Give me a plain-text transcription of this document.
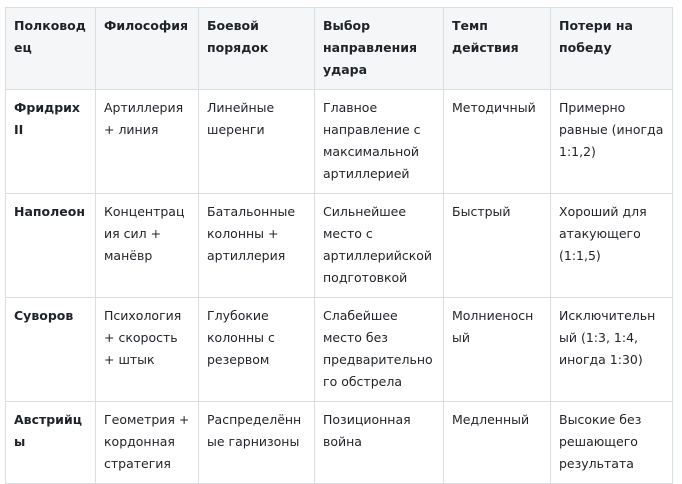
Полководец	Философия	Боевой порядок	Выбор направления удара	Темп действия	Потери на победу
Фридрих II	Артиллерия + линия	Линейные шеренги	Главное направление с максимальной артиллерией	Методичный	Примерно равные (иногда 1:1,2)
Наполеон	Концентрация сил + манёвр	Батальонные колонны + артиллерия	Сильнейшее место с артиллерийской подготовкой	Быстрый	Хороший для атакующего (1:1,5)
Суворов	Психология + скорость + штык	Глубокие колонны с резервом	Слабейшее место без предварительного обстрела	Молниеносный	Исключительный (1:3, 1:4, иногда 1:30)
Австрийцы	Геометрия + кордонная стратегия	Распределённые гарнизоны	Позиционная война	Медленный	Высокие без решающего результата
